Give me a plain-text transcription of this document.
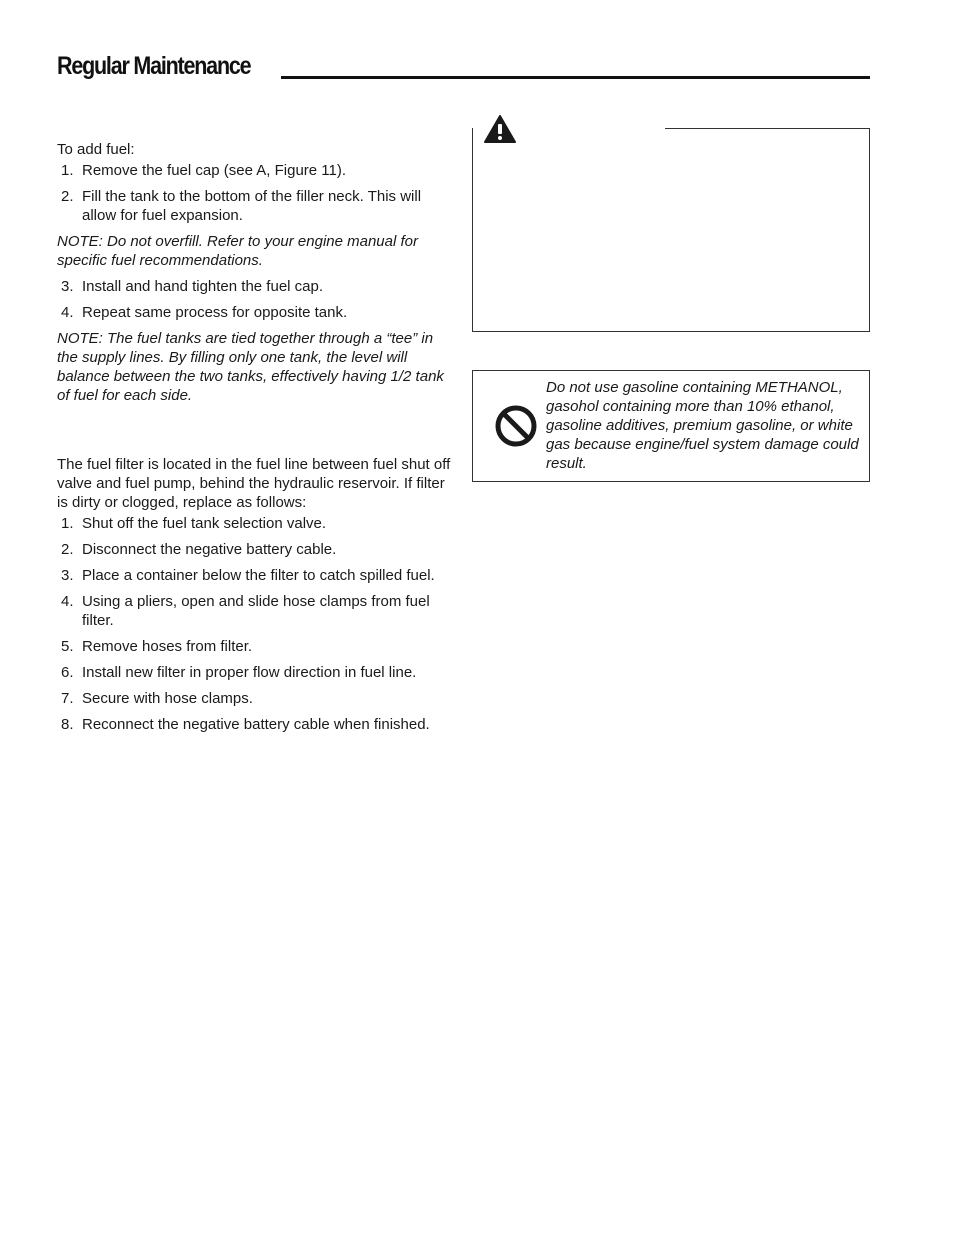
Regular Maintenance

To add fuel:

1. Remove the fuel cap (see A, Figure 11).
2. Fill the tank to the bottom of the filler neck. This will allow for fuel expansion.

NOTE: Do not overfill. Refer to your engine manual for specific fuel recommendations.

3. Install and hand tighten the fuel cap.
4. Repeat same process for opposite tank.

NOTE: The fuel tanks are tied together through a “tee” in the supply lines. By filling only one tank, the level will balance between the two tanks, effectively having 1/2 tank of fuel for each side.

The fuel filter is located in the fuel line between fuel shut off valve and fuel pump, behind the hydraulic reservoir. If filter is dirty or clogged, replace as follows:

1. Shut off the fuel tank selection valve.
2. Disconnect the negative battery cable.
3. Place a container below the filter to catch spilled fuel.
4. Using a pliers, open and slide hose clamps from fuel filter.
5. Remove hoses from filter.
6. Install new filter in proper flow direction in fuel line.
7. Secure with hose clamps.
8. Reconnect the negative battery cable when finished.
Do not use gasoline containing METHANOL, gasohol containing more than 10% ethanol, gasoline additives, premium gasoline, or white gas because engine/fuel system damage could result.
